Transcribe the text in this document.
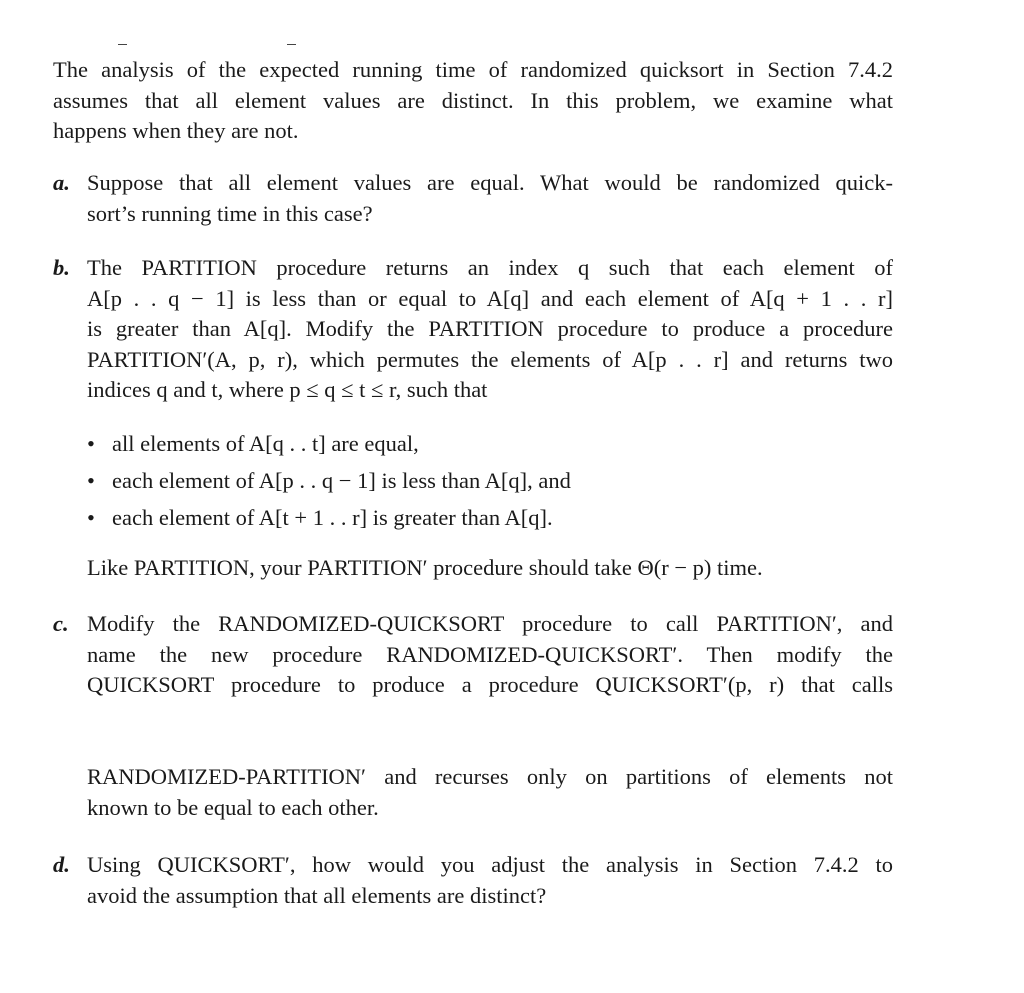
The analysis of the expected running time of randomized quicksort in Section 7.4.2
assumes that all element values are distinct. In this problem, we examine what
happens when they are not.
a. Suppose that all element values are equal. What would be randomized quick-
sort’s running time in this case?
b. The PARTITION procedure returns an index q such that each element of
A[p . . q − 1] is less than or equal to A[q] and each element of A[q + 1 . . r]
is greater than A[q]. Modify the PARTITION procedure to produce a procedure
PARTITION′(A, p, r), which permutes the elements of A[p . . r] and returns two
indices q and t, where p ≤ q ≤ t ≤ r, such that
• all elements of A[q . . t] are equal,
• each element of A[p . . q − 1] is less than A[q], and
• each element of A[t + 1 . . r] is greater than A[q].
Like PARTITION, your PARTITION′ procedure should take Θ(r − p) time.
c. Modify the RANDOMIZED-QUICKSORT procedure to call PARTITION′, and
name the new procedure RANDOMIZED-QUICKSORT′. Then modify the
QUICKSORT procedure to produce a procedure QUICKSORT′(p, r) that calls
RANDOMIZED-PARTITION′ and recurses only on partitions of elements not
known to be equal to each other.
d. Using QUICKSORT′, how would you adjust the analysis in Section 7.4.2 to
avoid the assumption that all elements are distinct?
